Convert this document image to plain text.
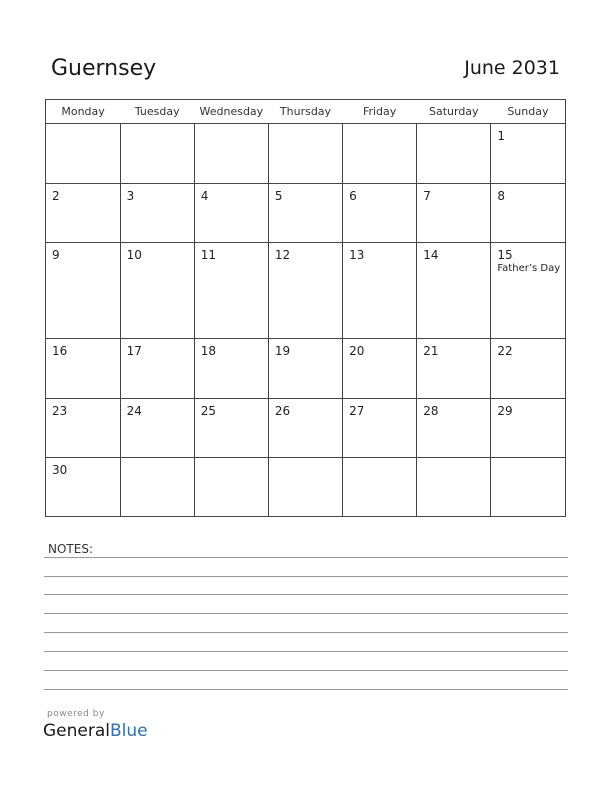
Guernsey	June 2031
Monday	Tuesday	Wednesday	Thursday	Friday	Saturday	Sunday

						1

2	3	4	5	6	7	8

9	10	11	12	13	14	15
Father’s Day

16	17	18	19	20	21	22

23	24	25	26	27	28	29

30						

NOTES:
powered by
GeneralBlue
